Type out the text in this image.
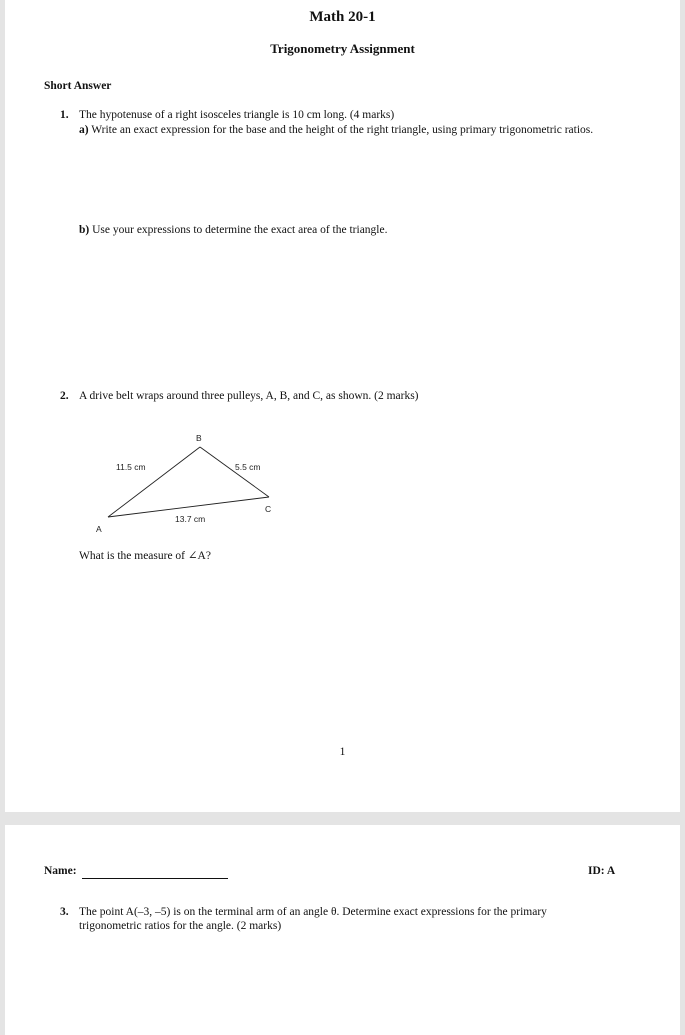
Math 20-1
Trigonometry Assignment
Short Answer
1. The hypotenuse of a right isosceles triangle is 10 cm long. (4 marks)
a) Write an exact expression for the base and the height of the right triangle, using primary trigonometric ratios.
b) Use your expressions to determine the exact area of the triangle.
2. A drive belt wraps around three pulleys, A, B, and C, as shown. (2 marks)
B
A
C
11.5 cm	5.5 cm
13.7 cm
What is the measure of ∠A?
1
Name:	ID: A
3. The point A(–3, –5) is on the terminal arm of an angle θ. Determine exact expressions for the primary
trigonometric ratios for the angle. (2 marks)
